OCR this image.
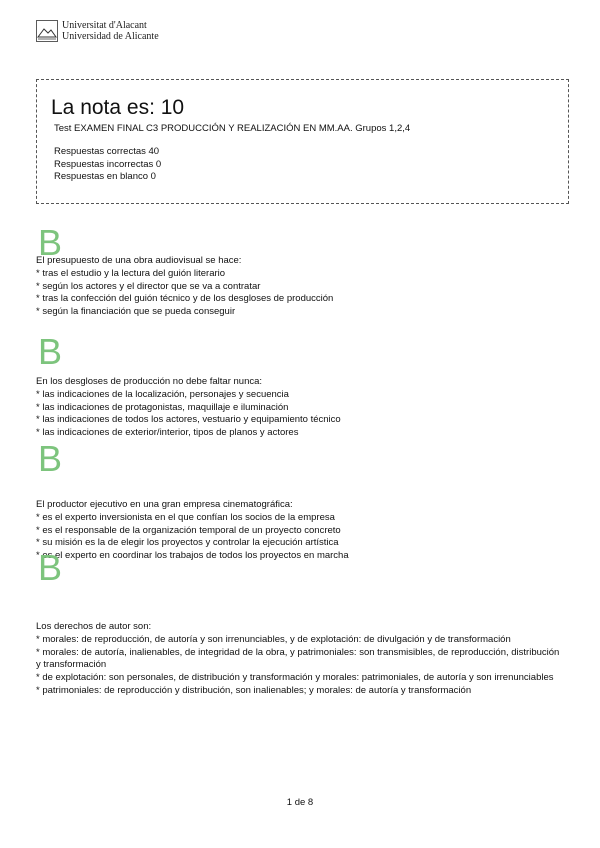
Universitat d'Alacant
Universidad de Alicante
La nota es: 10
Test EXAMEN FINAL C3 PRODUCCIÓN Y REALIZACIÓN EN MM.AA. Grupos 1,2,4
Respuestas correctas 40
Respuestas incorrectas 0
Respuestas en blanco 0
B
El presupuesto de una obra audiovisual se hace:
* tras el estudio y la lectura del guión literario
* según los actores y el director que se va a contratar
* tras la confección del guión técnico y de los desgloses de producción
* según la financiación que se pueda conseguir
B
En los desgloses de producción no debe faltar nunca:
* las indicaciones de la localización, personajes y secuencia
* las indicaciones de protagonistas, maquillaje e iluminación
* las indicaciones de todos los actores, vestuario y equipamiento técnico
* las indicaciones de exterior/interior, tipos de planos y actores
B
El productor ejecutivo en una gran empresa cinematográfica:
* es el experto inversionista en el que confían los socios de la empresa
* es el responsable de la organización temporal de un proyecto concreto
* su misión es la de elegir los proyectos y controlar la ejecución artística
* es el experto en coordinar los trabajos de todos los proyectos en marcha
B
Los derechos de autor son:
* morales: de reproducción, de autoría y son irrenunciables, y de explotación: de divulgación y de transformación
* morales: de autoría, inalienables, de integridad de la obra, y patrimoniales: son transmisibles, de reproducción, distribución y transformación
* de explotación: son personales, de distribución y transformación y morales: patrimoniales, de autoría y son irrenunciables
* patrimoniales: de reproducción y distribución, son inalienables; y morales: de autoría y transformación
1 de 8
